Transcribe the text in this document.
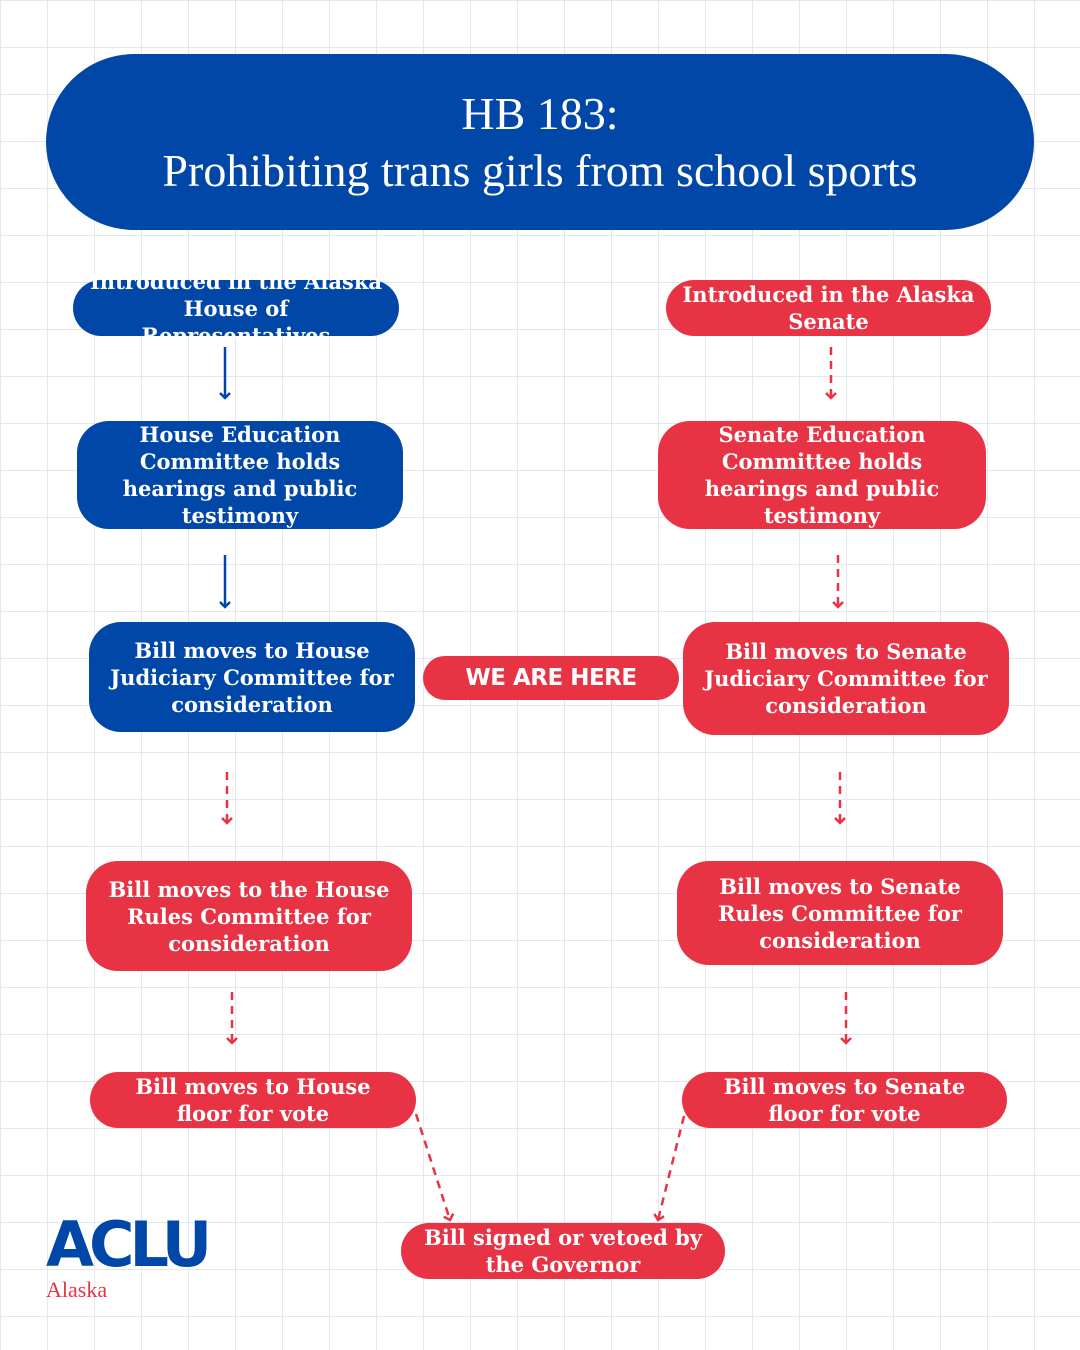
HB 183:
Prohibiting trans girls from school sports
Introduced in the Alaska House of Representatives
House Education Committee holds hearings and public testimony
Bill moves to House Judiciary Committee for consideration
Bill moves to the House Rules Committee for consideration
Bill moves to House floor for vote
Introduced in the Alaska Senate
Senate Education Committee holds hearings and public testimony
Bill moves to Senate Judiciary Committee for consideration
Bill moves to Senate Rules Committee for consideration
Bill moves to Senate floor for vote
Bill signed or vetoed by the Governor
WE ARE HERE
ACLU
Alaska
